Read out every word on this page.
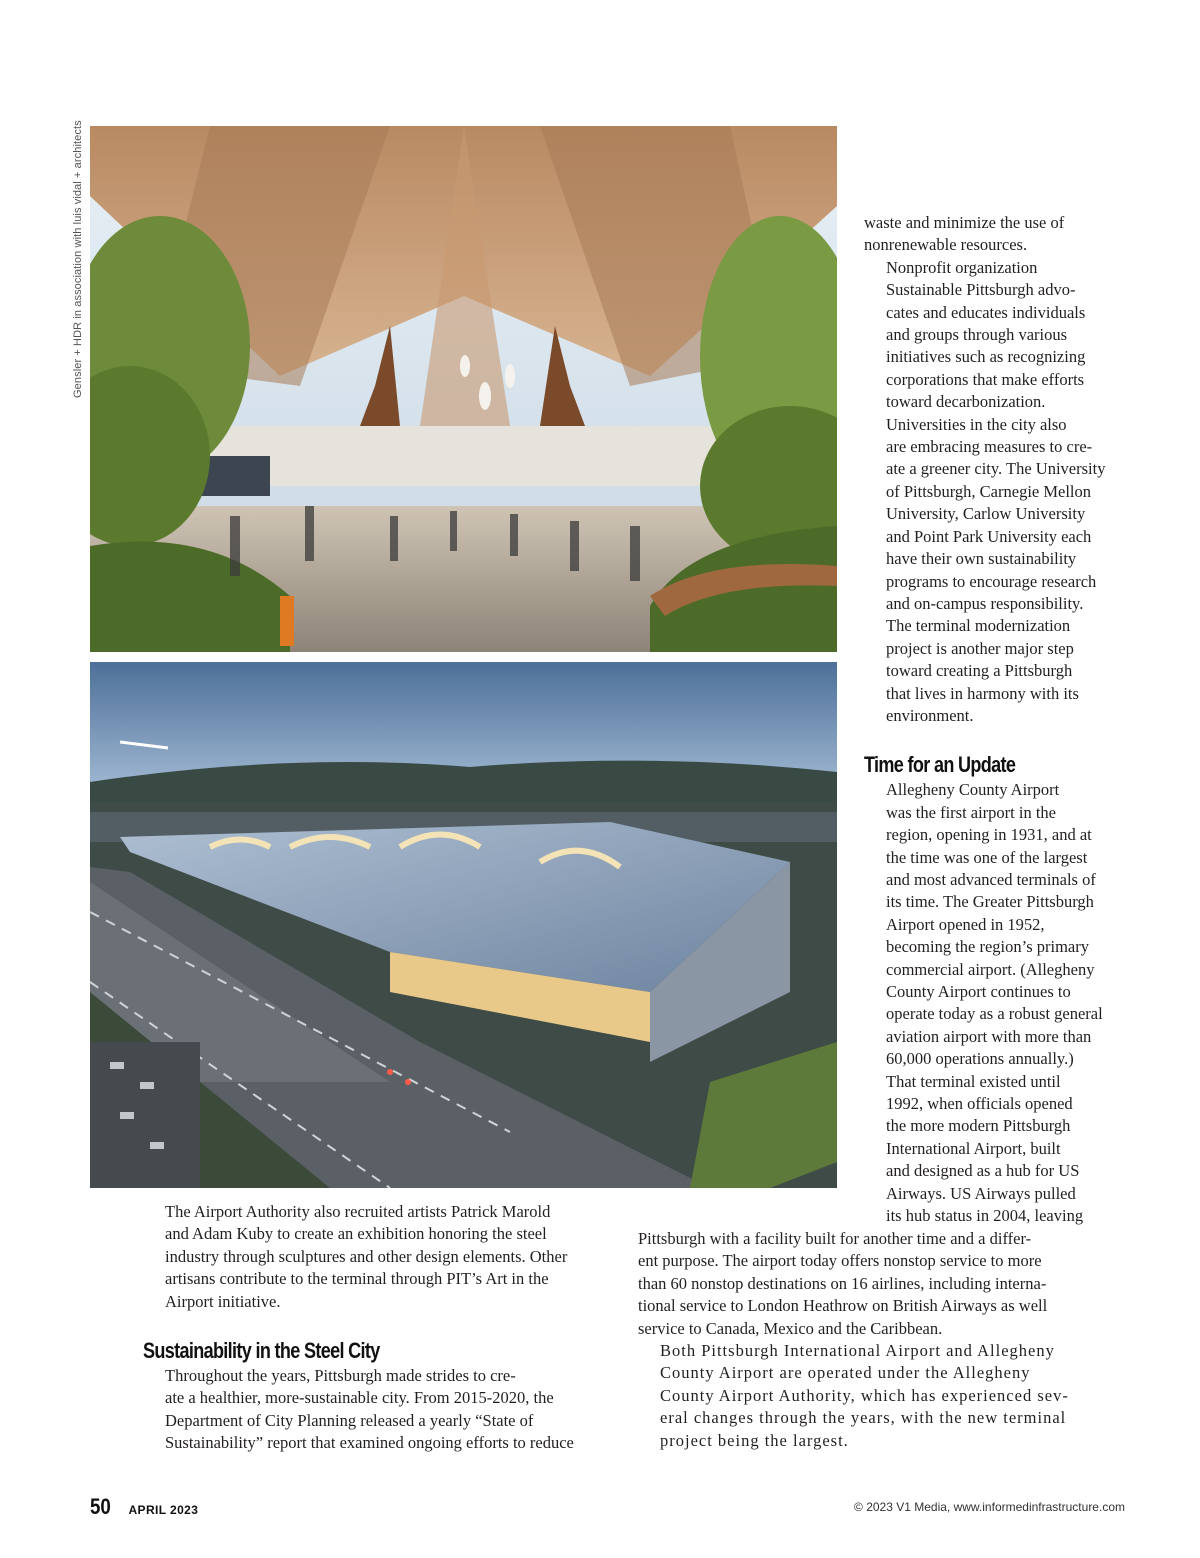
Gensler + HDR in association with luis vidal + architects	waste and minimize the use of
nonrenewable resources.

Nonprofit organization
Sustainable Pittsburgh advo-
cates and educates individuals
and groups through various
initiatives such as recognizing
corporations that make efforts
toward decarbonization.

Universities in the city also
are embracing measures to cre-
ate a greener city. The University
of Pittsburgh, Carnegie Mellon
University, Carlow University
and Point Park University each
have their own sustainability
programs to encourage research
and on-campus responsibility.

The terminal modernization
project is another major step
toward creating a Pittsburgh
that lives in harmony with its
environment.

Time for an Update

Allegheny County Airport
was the first airport in the
region, opening in 1931, and at
the time was one of the largest
and most advanced terminals of
its time. The Greater Pittsburgh
Airport opened in 1952,
becoming the region’s primary
commercial airport. (Allegheny
County Airport continues to
operate today as a robust general
aviation airport with more than
60,000 operations annually.)

That terminal existed until
1992, when officials opened
the more modern Pittsburgh
International Airport, built
and designed as a hub for US
Airways. US Airways pulled
its hub status in 2004, leaving

The Airport Authority also recruited artists Patrick Marold
and Adam Kuby to create an exhibition honoring the steel
industry through sculptures and other design elements. Other
artisans contribute to the terminal through PIT’s Art in the
Airport initiative.

Sustainability in the Steel City

Throughout the years, Pittsburgh made strides to cre-
ate a healthier, more-sustainable city. From 2015-2020, the
Department of City Planning released a yearly “State of
Sustainability” report that examined ongoing efforts to reduce

Pittsburgh with a facility built for another time and a differ-
ent purpose. The airport today offers nonstop service to more
than 60 nonstop destinations on 16 airlines, including interna-
tional service to London Heathrow on British Airways as well
service to Canada, Mexico and the Caribbean.

Both Pittsburgh International Airport and Allegheny
County Airport are operated under the Allegheny
County Airport Authority, which has experienced sev-
eral changes through the years, with the new terminal
project being the largest.

50 APRIL 2023	© 2023 V1 Media, www.informedinfrastructure.com
